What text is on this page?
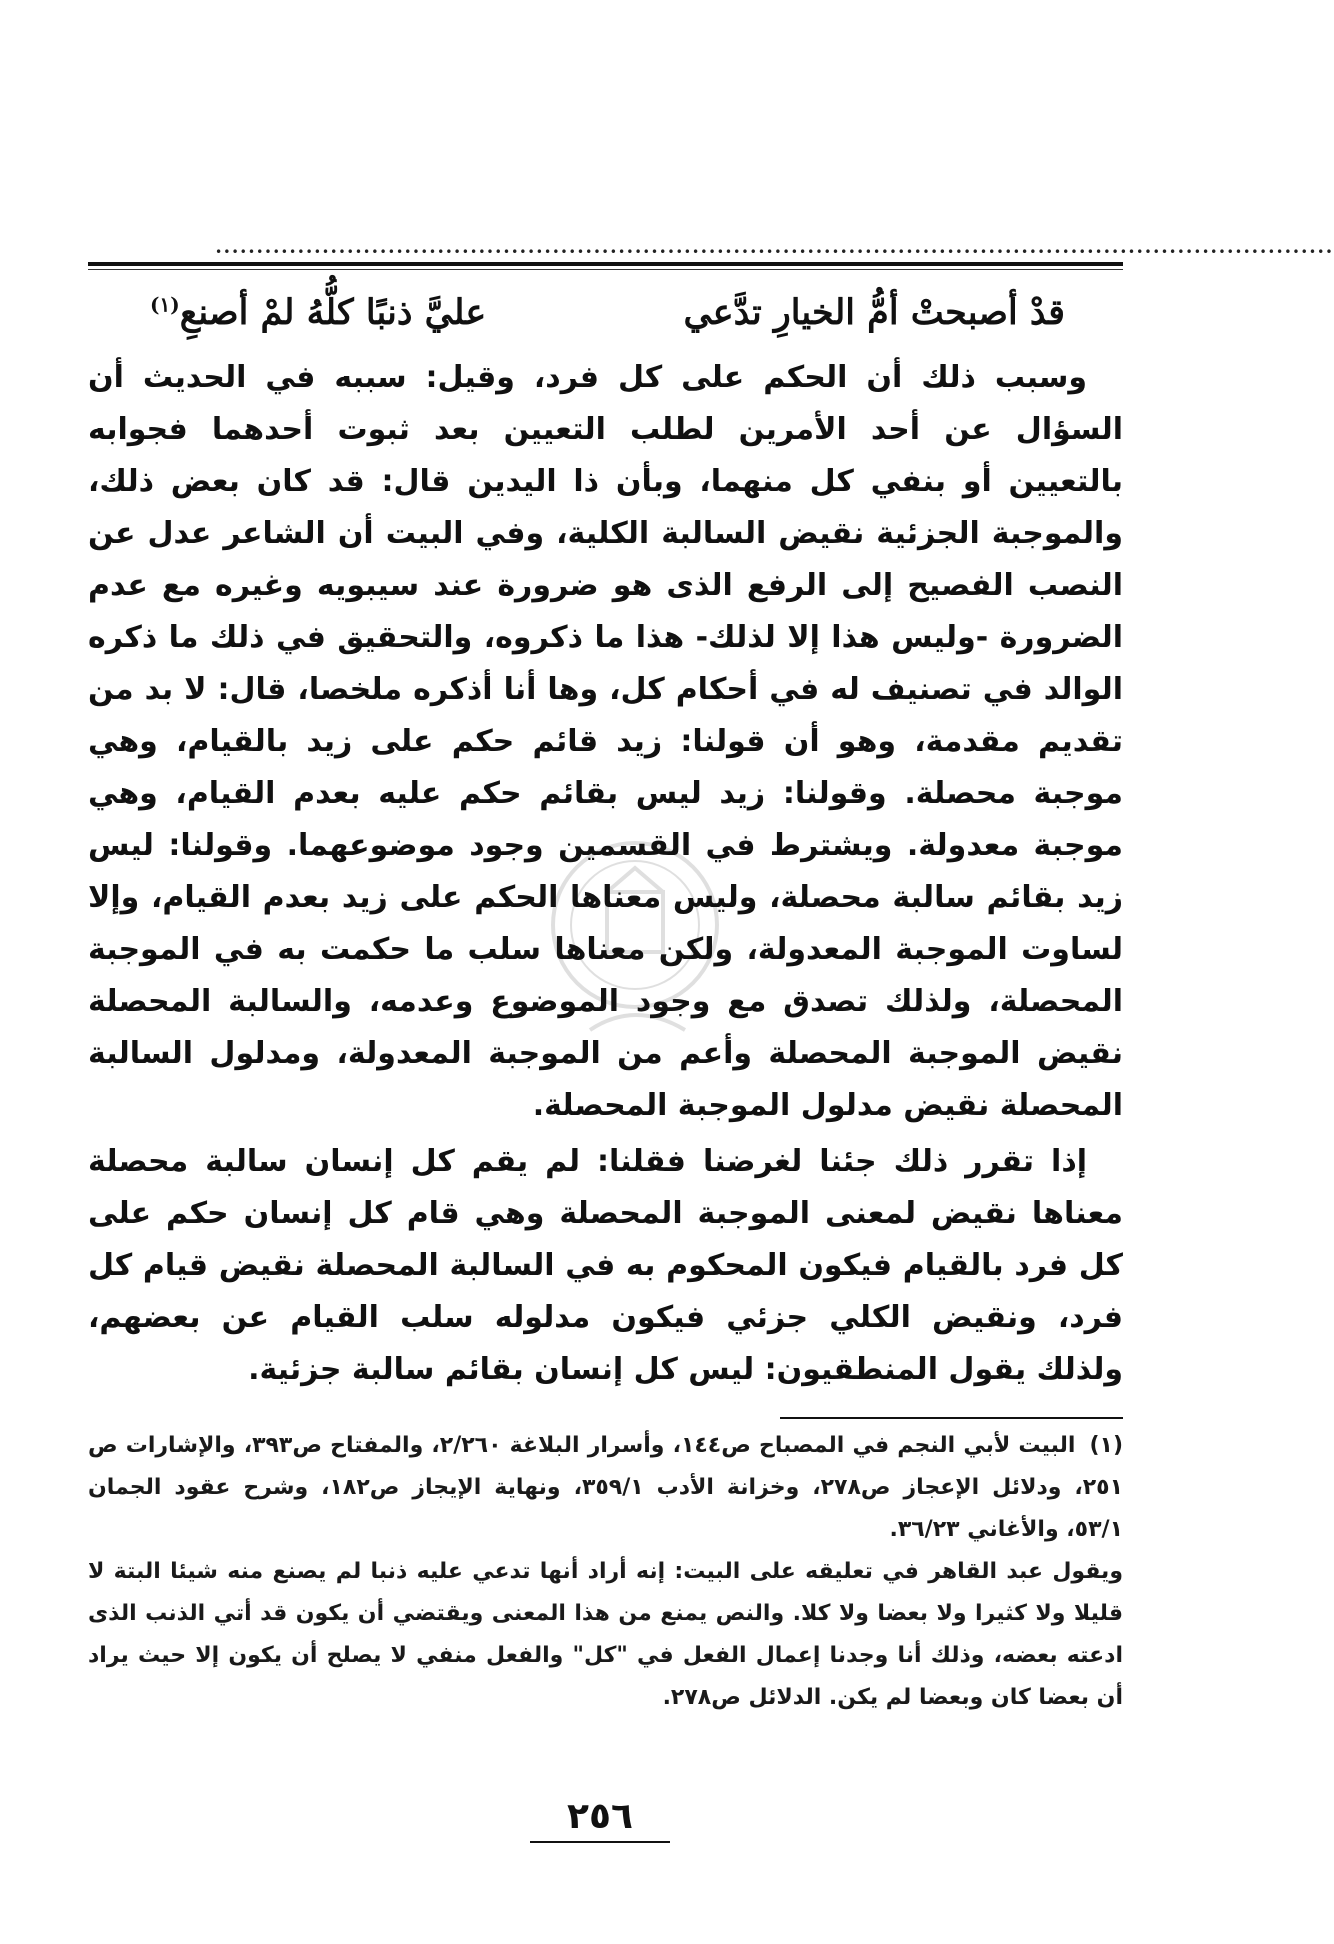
••••••••••••••••••••••••••••••••••••••••••••••••••••••••••••••••••••••••••••••••••••••••••••••••••••••••••••••••••••••••••••••••••••••••
قدْ أصبحتْ أمُّ الخيارِ تدَّعي
عليَّ ذنبًا كلُّهُ لمْ أصنعِ$^{(١)}$

وسبب ذلك أن الحكم على كل فرد، وقيل: سببه في الحديث أن السؤال عن أحد الأمرين لطلب التعيين بعد ثبوت أحدهما فجوابه بالتعيين أو بنفي كل منهما، وبأن ذا اليدين قال: قد كان بعض ذلك، والموجبة الجزئية نقيض السالبة الكلية، وفي البيت أن الشاعر عدل عن النصب الفصيح إلى الرفع الذى هو ضرورة عند سيبويه وغيره مع عدم الضرورة -وليس هذا إلا لذلك- هذا ما ذكروه، والتحقيق في ذلك ما ذكره الوالد في تصنيف له في أحكام كل، وها أنا أذكره ملخصا، قال: لا بد من تقديم مقدمة، وهو أن قولنا: زيد قائم حكم على زيد بالقيام، وهي موجبة محصلة. وقولنا: زيد ليس بقائم حكم عليه بعدم القيام، وهي موجبة معدولة. ويشترط في القسمين وجود موضوعهما. وقولنا: ليس زيد بقائم سالبة محصلة، وليس معناها الحكم على زيد بعدم القيام، وإلا لساوت الموجبة المعدولة، ولكن معناها سلب ما حكمت به في الموجبة المحصلة، ولذلك تصدق مع وجود الموضوع وعدمه، والسالبة المحصلة نقيض الموجبة المحصلة وأعم من الموجبة المعدولة، ومدلول السالبة المحصلة نقيض مدلول الموجبة المحصلة.

إذا تقرر ذلك جئنا لغرضنا فقلنا: لم يقم كل إنسان سالبة محصلة معناها نقيض لمعنى الموجبة المحصلة وهي قام كل إنسان حكم على كل فرد بالقيام فيكون المحكوم به في السالبة المحصلة نقيض قيام كل فرد، ونقيض الكلي جزئي فيكون مدلوله سلب القيام عن بعضهم، ولذلك يقول المنطقيون: ليس كل إنسان بقائم سالبة جزئية.

(١)البيت لأبي النجم في المصباح ص١٤٤، وأسرار البلاغة ٢/٢٦٠، والمفتاح ص٣٩٣، والإشارات ص ٢٥١، ودلائل الإعجاز ص٢٧٨، وخزانة الأدب ٣٥٩/١، ونهاية الإيجاز ص١٨٢، وشرح عقود الجمان ٥٣/١، والأغاني ٣٦/٢٣.

ويقول عبد القاهر في تعليقه على البيت: إنه أراد أنها تدعي عليه ذنبا لم يصنع منه شيئا البتة لا قليلا ولا كثيرا ولا بعضا ولا كلا. والنص يمنع من هذا المعنى ويقتضي أن يكون قد أتي الذنب الذى ادعته بعضه، وذلك أنا وجدنا إعمال الفعل في "كل" والفعل منفي لا يصلح أن يكون إلا حيث يراد أن بعضا كان وبعضا لم يكن. الدلائل ص٢٧٨.

٢٥٦
